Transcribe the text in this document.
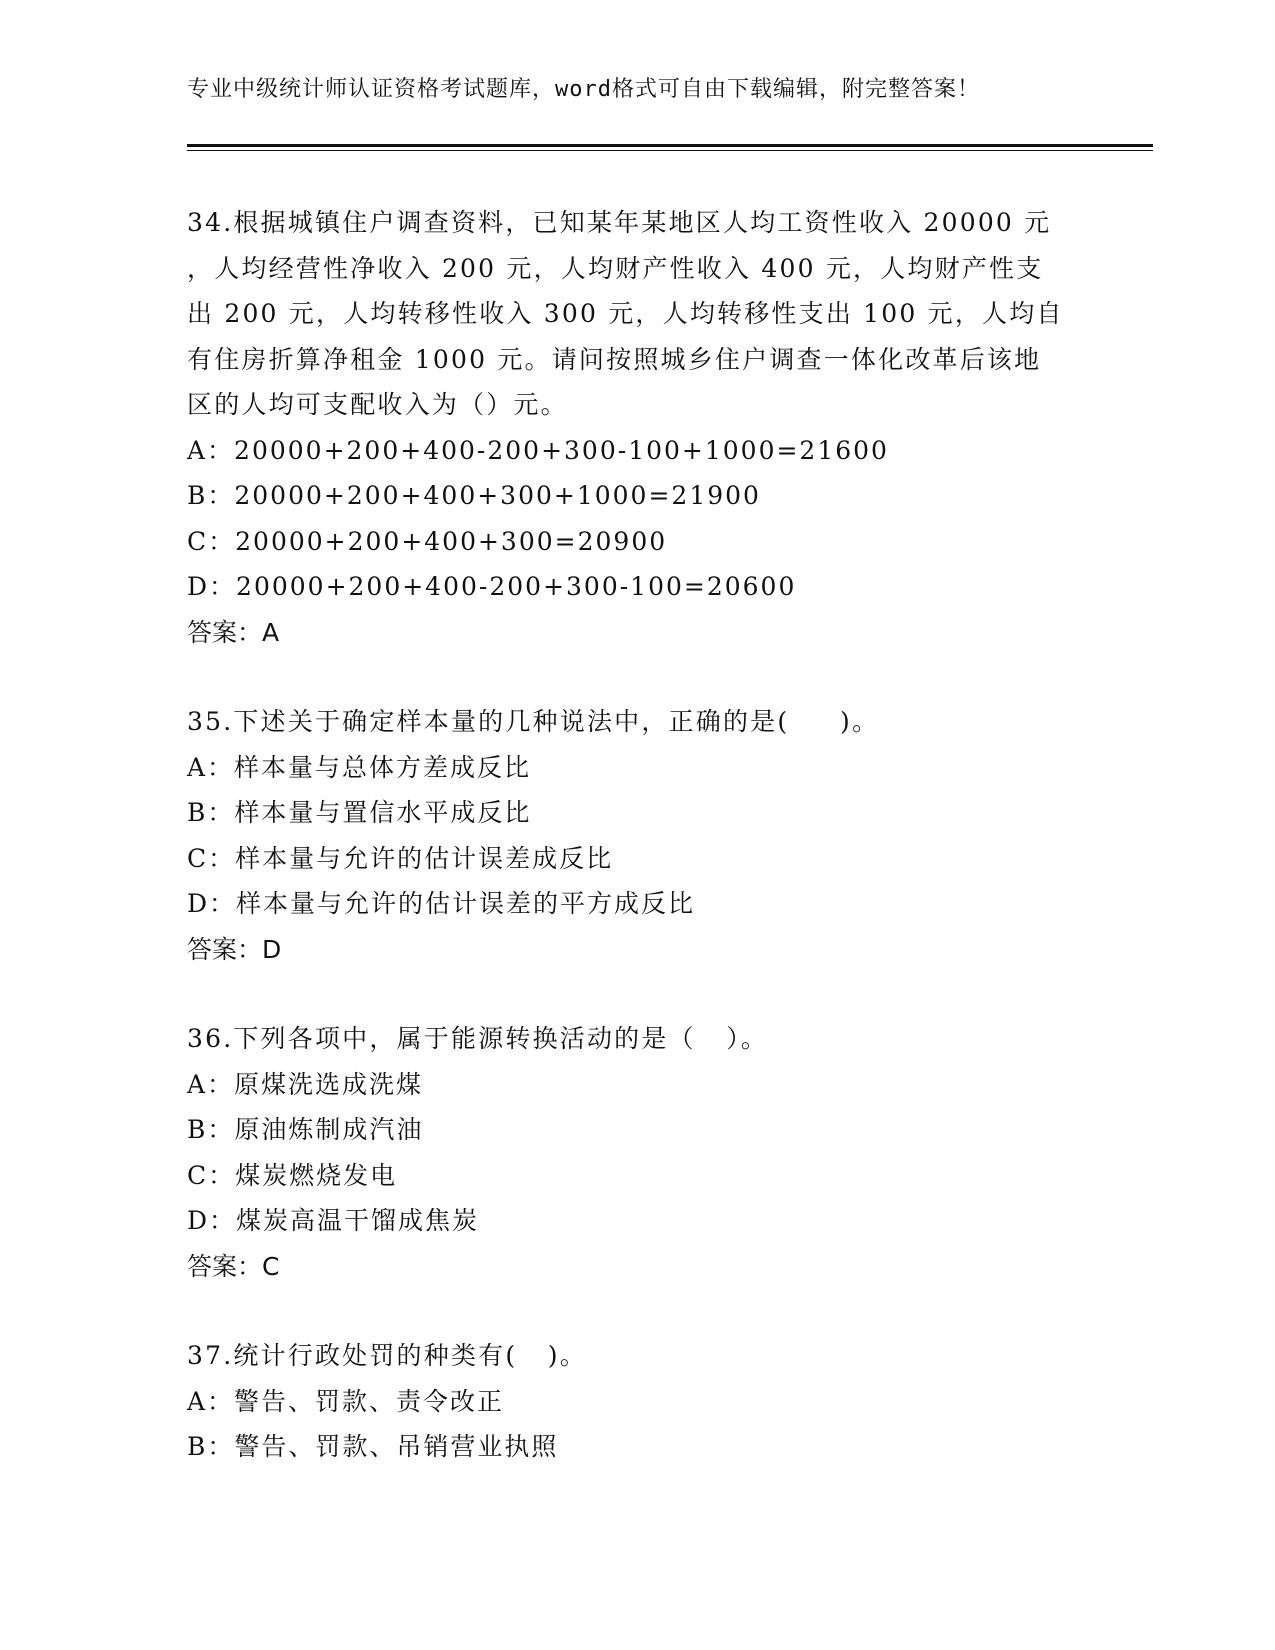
专业中级统计师认证资格考试题库，word格式可自由下载编辑，附完整答案！
34.根据城镇住户调查资料，已知某年某地区人均工资性收入 20000 元
，人均经营性净收入 200 元，人均财产性收入 400 元，人均财产性支
出 200 元，人均转移性收入 300 元，人均转移性支出 100 元，人均自
有住房折算净租金 1000 元。请问按照城乡住户调查一体化改革后该地
区的人均可支配收入为（）元。
A：20000+200+400-200+300-100+1000=21600
B：20000+200+400+300+1000=21900
C：20000+200+400+300=20900
D：20000+200+400-200+300-100=20600
答案：A
35.下述关于确定样本量的几种说法中，正确的是(     )。
A：样本量与总体方差成反比
B：样本量与置信水平成反比
C：样本量与允许的估计误差成反比
D：样本量与允许的估计误差的平方成反比
答案：D
36.下列各项中，属于能源转换活动的是（   ）。
A：原煤洗选成洗煤
B：原油炼制成汽油
C：煤炭燃烧发电
D：煤炭高温干馏成焦炭
答案：C
37.统计行政处罚的种类有(   )。
A：警告、罚款、责令改正
B：警告、罚款、吊销营业执照
